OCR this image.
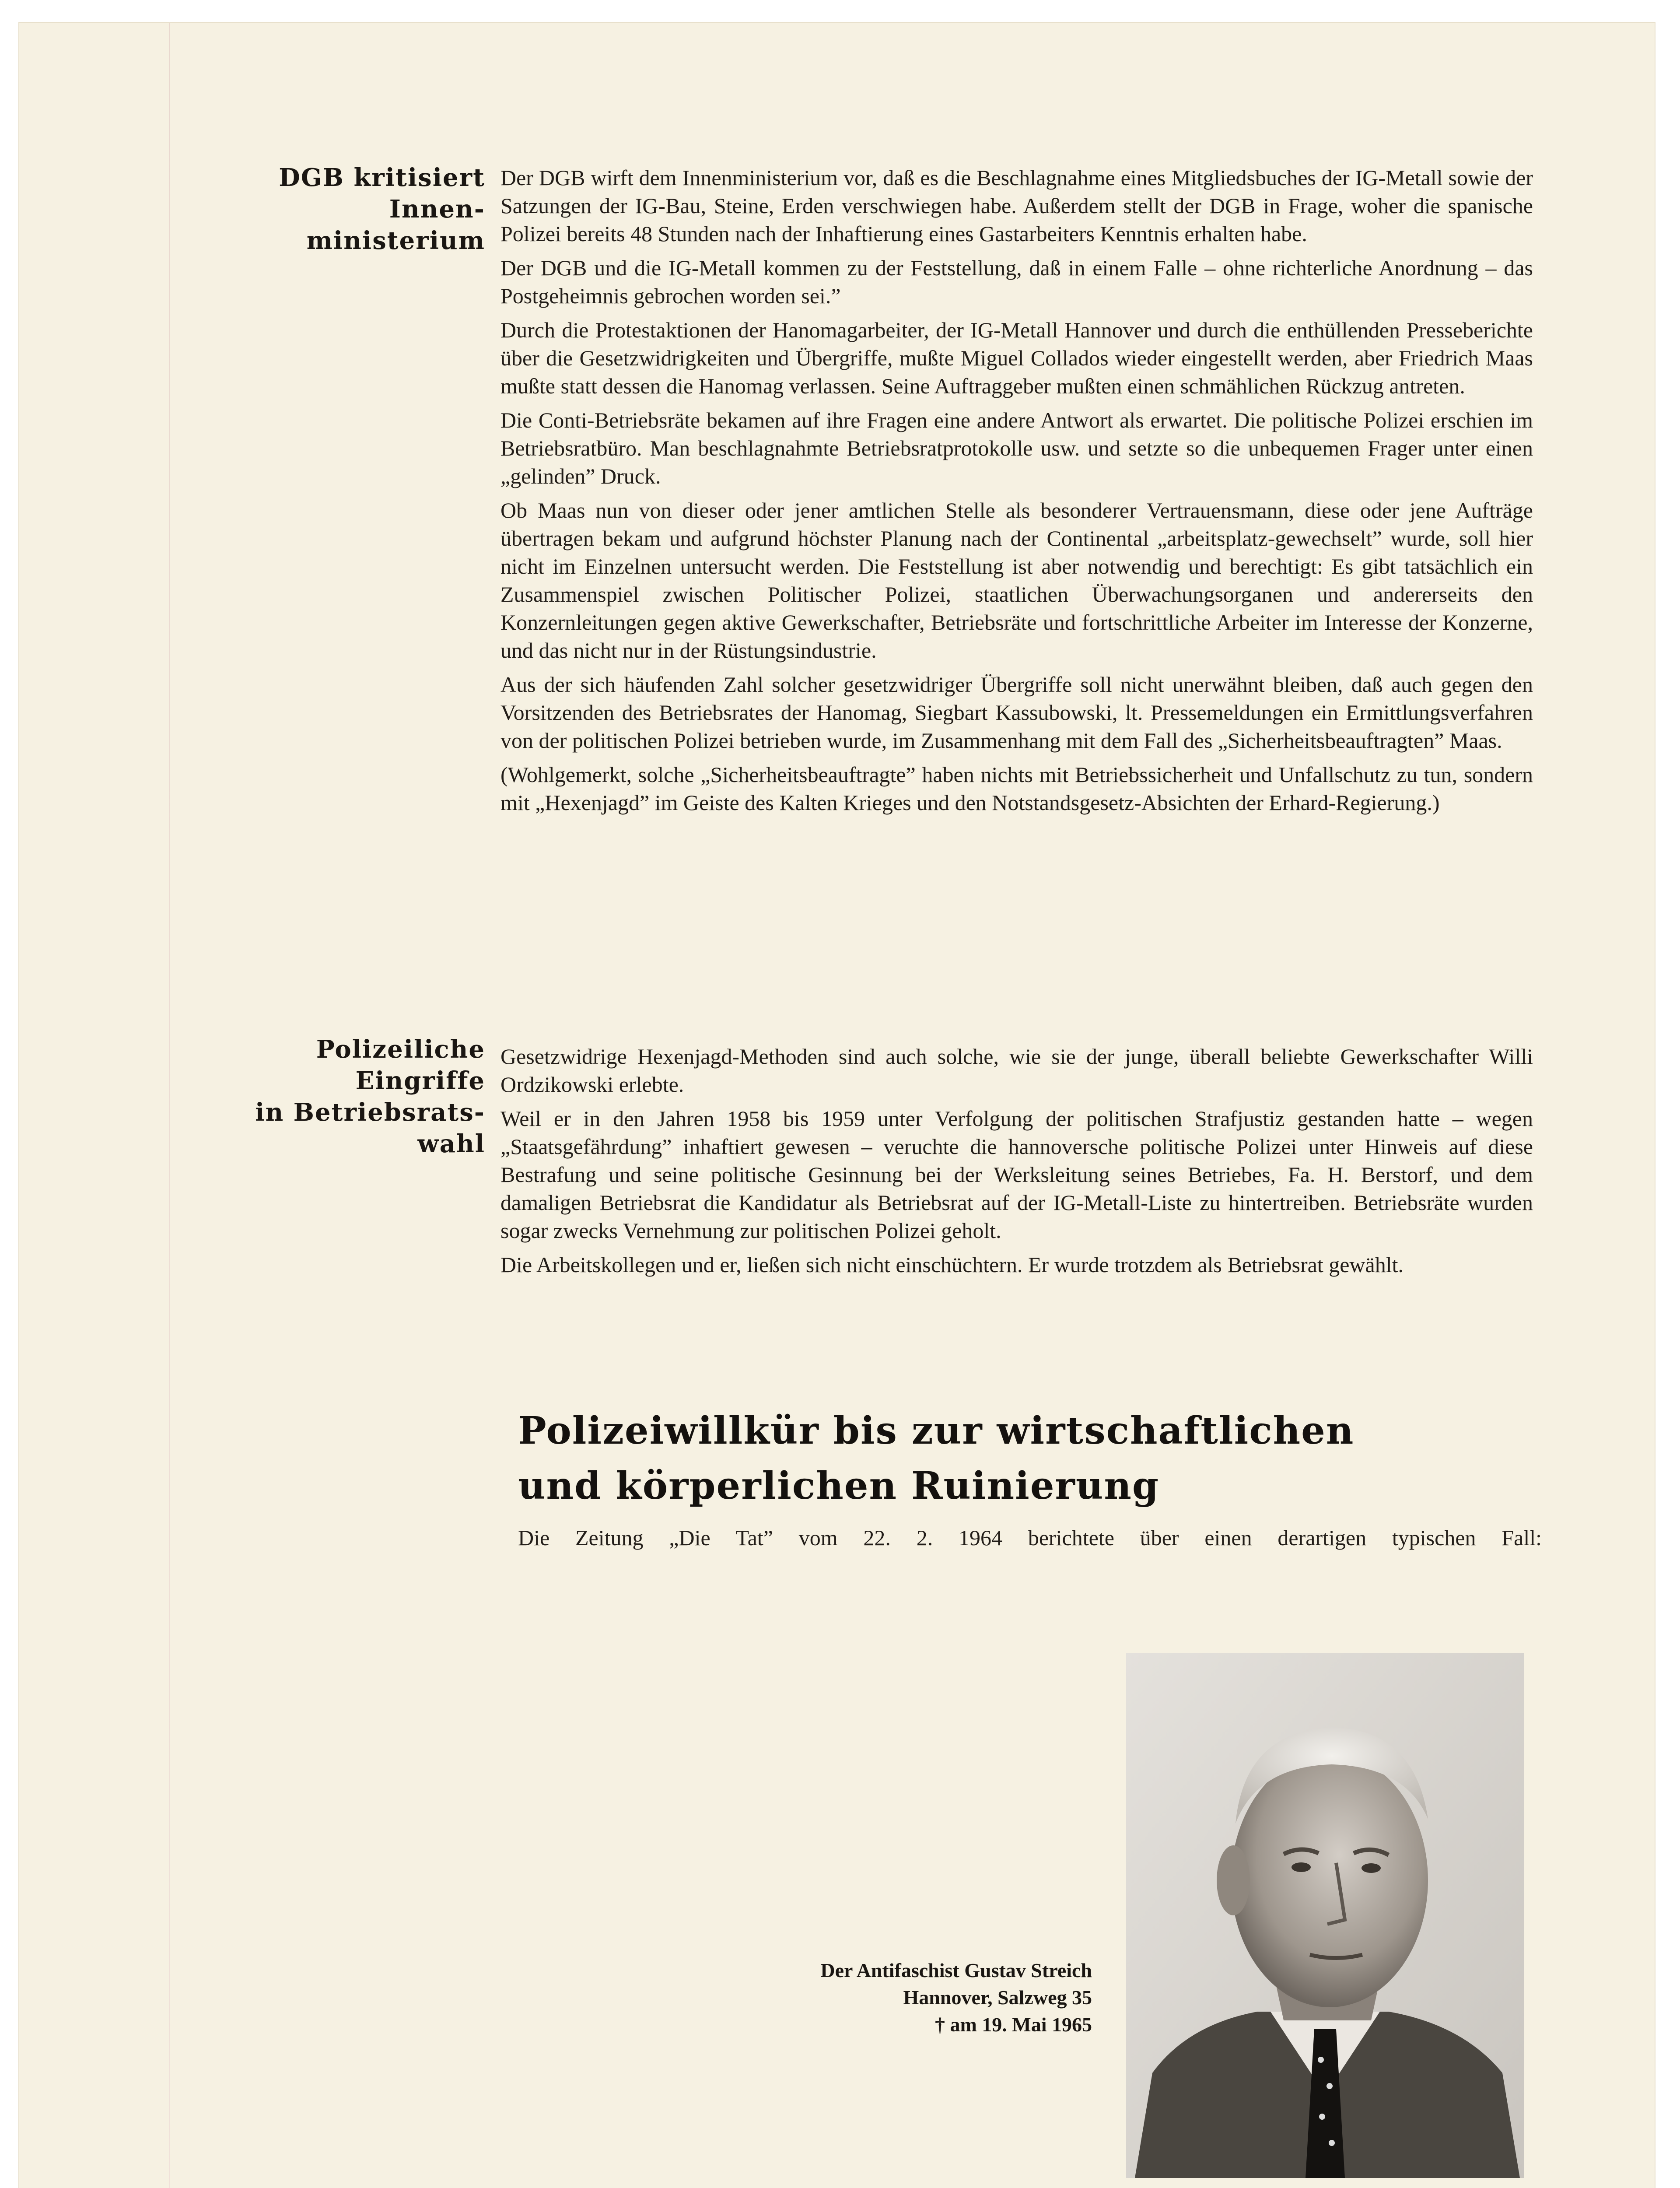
DGB kritisiert
Innen-
ministerium

Der DGB wirft dem Innenministerium vor, daß es die Beschlagnahme eines Mitgliedsbuches der IG-Metall sowie der Satzungen der IG-Bau, Steine, Erden verschwiegen habe. Außerdem stellt der DGB in Frage, woher die spanische Polizei bereits 48 Stunden nach der Inhaftierung eines Gastarbeiters Kenntnis erhalten habe.

Der DGB und die IG-Metall kommen zu der Feststellung, daß in einem Falle – ohne richterliche Anordnung – das Postgeheimnis gebrochen worden sei.”

Durch die Protestaktionen der Hanomagarbeiter, der IG-Metall Hannover und durch die enthüllenden Presseberichte über die Gesetzwidrigkeiten und Übergriffe, mußte Miguel Collados wieder eingestellt werden, aber Friedrich Maas mußte statt dessen die Hanomag verlassen. Seine Auftraggeber mußten einen schmählichen Rückzug antreten.

Die Conti-Betriebsräte bekamen auf ihre Fragen eine andere Antwort als erwartet. Die politische Polizei erschien im Betriebsratbüro. Man beschlagnahmte Betriebsratprotokolle usw. und setzte so die unbequemen Frager unter einen „gelinden” Druck.

Ob Maas nun von dieser oder jener amtlichen Stelle als besonderer Vertrauensmann, diese oder jene Aufträge übertragen bekam und aufgrund höchster Planung nach der Continental „arbeitsplatz-gewechselt” wurde, soll hier nicht im Einzelnen untersucht werden. Die Feststellung ist aber notwendig und berechtigt: Es gibt tatsächlich ein Zusammenspiel zwischen Politischer Polizei, staatlichen Überwachungsorganen und andererseits den Konzernleitungen gegen aktive Gewerkschafter, Betriebsräte und fortschrittliche Arbeiter im Interesse der Konzerne, und das nicht nur in der Rüstungsindustrie.

Aus der sich häufenden Zahl solcher gesetzwidriger Übergriffe soll nicht unerwähnt bleiben, daß auch gegen den Vorsitzenden des Betriebsrates der Hanomag, Siegbart Kassubowski, lt. Pressemeldungen ein Ermittlungsverfahren von der politischen Polizei betrieben wurde, im Zusammenhang mit dem Fall des „Sicherheitsbeauftragten” Maas.

(Wohlgemerkt, solche „Sicherheitsbeauftragte” haben nichts mit Betriebssicherheit und Unfallschutz zu tun, sondern mit „Hexenjagd” im Geiste des Kalten Krieges und den Notstandsgesetz-Absichten der Erhard-Regierung.)

Polizeiliche
Eingriffe
in Betriebsrats-
wahl

Gesetzwidrige Hexenjagd-Methoden sind auch solche, wie sie der junge, überall beliebte Gewerkschafter Willi Ordzikowski erlebte.

Weil er in den Jahren 1958 bis 1959 unter Verfolgung der politischen Strafjustiz gestanden hatte – wegen „Staatsgefährdung” inhaftiert gewesen – veruchte die hannoversche politische Polizei unter Hinweis auf diese Bestrafung und seine politische Gesinnung bei der Werksleitung seines Betriebes, Fa. H. Berstorf, und dem damaligen Betriebsrat die Kandidatur als Betriebsrat auf der IG-Metall-Liste zu hintertreiben. Betriebsräte wurden sogar zwecks Vernehmung zur politischen Polizei geholt.

Die Arbeitskollegen und er, ließen sich nicht einschüchtern. Er wurde trotzdem als Betriebsrat gewählt.

Polizeiwillkür bis zur wirtschaftlichen
und körperlichen Ruinierung
Die Zeitung „Die Tat” vom 22. 2. 1964 berichtete über einen derartigen typischen Fall:
Der Antifaschist Gustav Streich
Hannover, Salzweg 35
† am 19. Mai 1965
